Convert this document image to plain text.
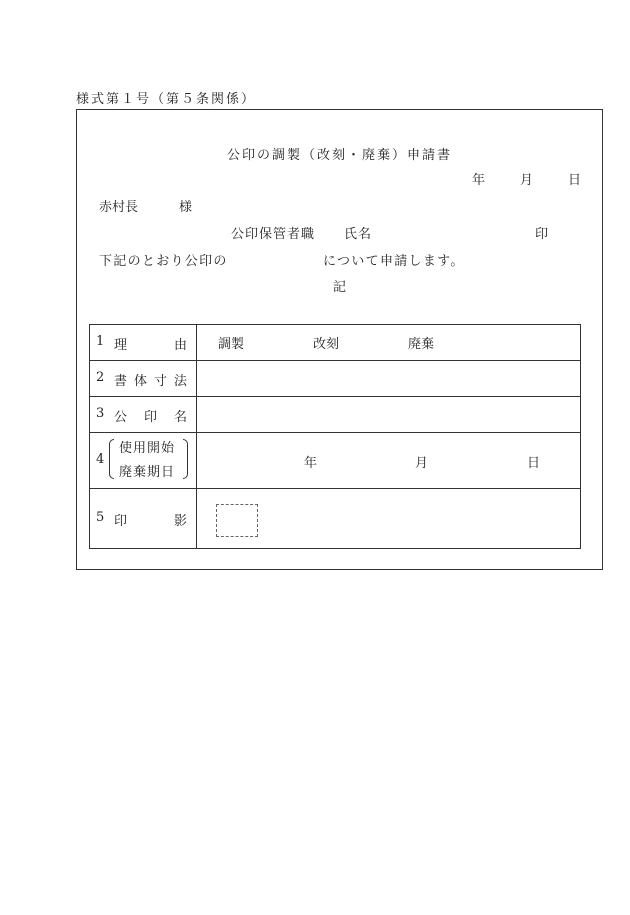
様式第１号（第５条関係）
公印の調製（改刻・廃棄）申請書
年	月	日
赤村長	様
公印保管者職 氏名	印
下記のとおり公印の	について申請します。
記
1 理 由	調製 改刻 廃棄

2 書 体 寸 法	

3 公 印 名	

4
使用開始
廃棄期日	年 月 日

5 印 影	
